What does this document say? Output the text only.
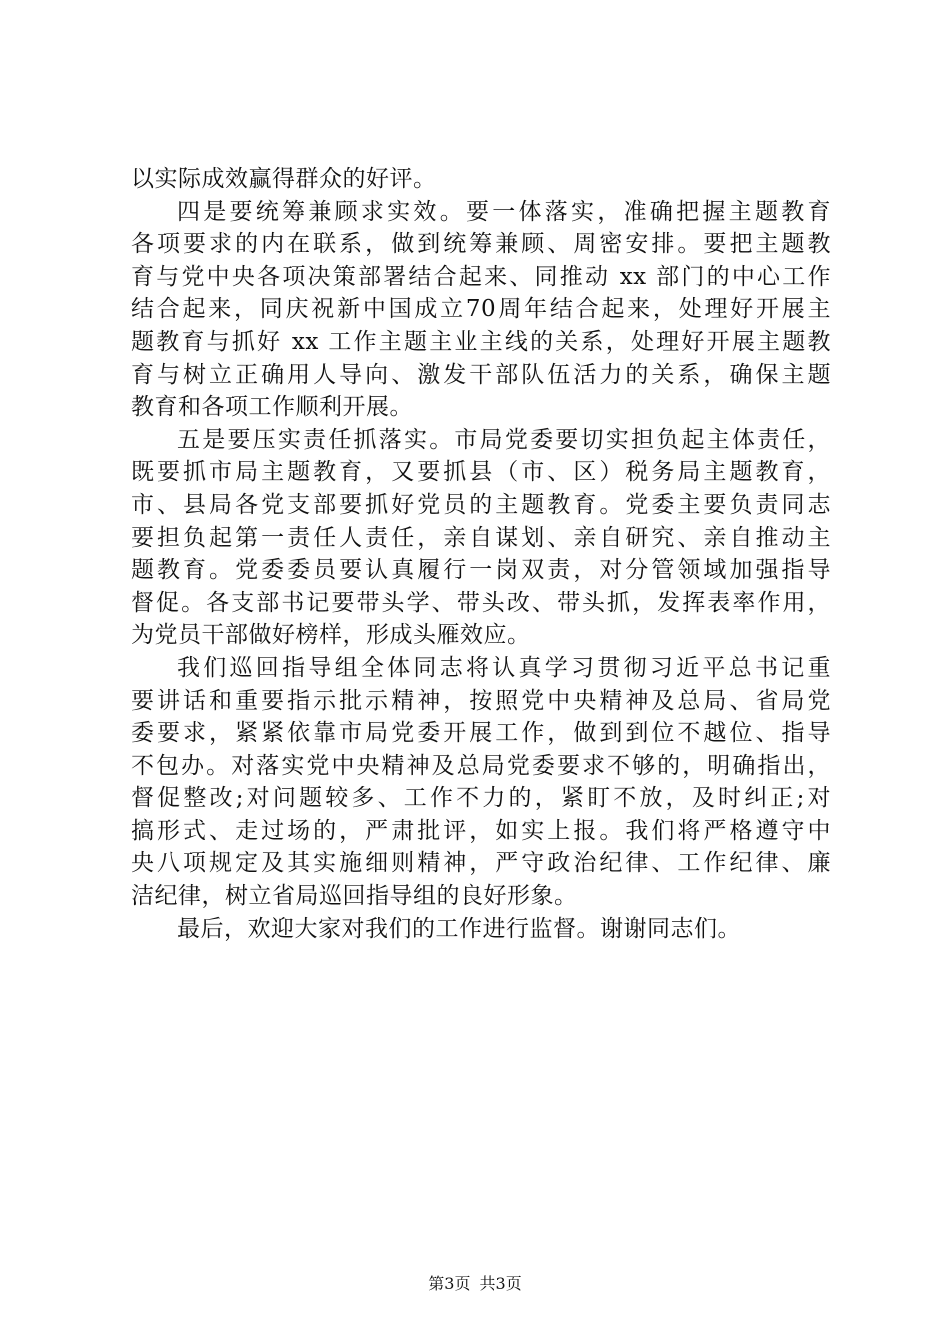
以实际成效赢得群众的好评。
四是要统筹兼顾求实效。要一体落实，准确把握主题教育
各项要求的内在联系，做到统筹兼顾、周密安排。要把主题教
育与党中央各项决策部署结合起来、同推动 xx 部门的中心工作
结合起来，同庆祝新中国成立70周年结合起来，处理好开展主
题教育与抓好 xx 工作主题主业主线的关系，处理好开展主题教
育与树立正确用人导向、激发干部队伍活力的关系，确保主题
教育和各项工作顺利开展。
五是要压实责任抓落实。市局党委要切实担负起主体责任，
既要抓市局主题教育，又要抓县（市、区）税务局主题教育，
市、县局各党支部要抓好党员的主题教育。党委主要负责同志
要担负起第一责任人责任，亲自谋划、亲自研究、亲自推动主
题教育。党委委员要认真履行一岗双责，对分管领域加强指导
督促。各支部书记要带头学、带头改、带头抓，发挥表率作用，
为党员干部做好榜样，形成头雁效应。
我们巡回指导组全体同志将认真学习贯彻习近平总书记重
要讲话和重要指示批示精神，按照党中央精神及总局、省局党
委要求，紧紧依靠市局党委开展工作，做到到位不越位、指导
不包办。对落实党中央精神及总局党委要求不够的，明确指出，
督促整改;对问题较多、工作不力的，紧盯不放，及时纠正;对
搞形式、走过场的，严肃批评，如实上报。我们将严格遵守中
央八项规定及其实施细则精神，严守政治纪律、工作纪律、廉
洁纪律，树立省局巡回指导组的良好形象。
最后，欢迎大家对我们的工作进行监督。谢谢同志们。
第3页 共3页
